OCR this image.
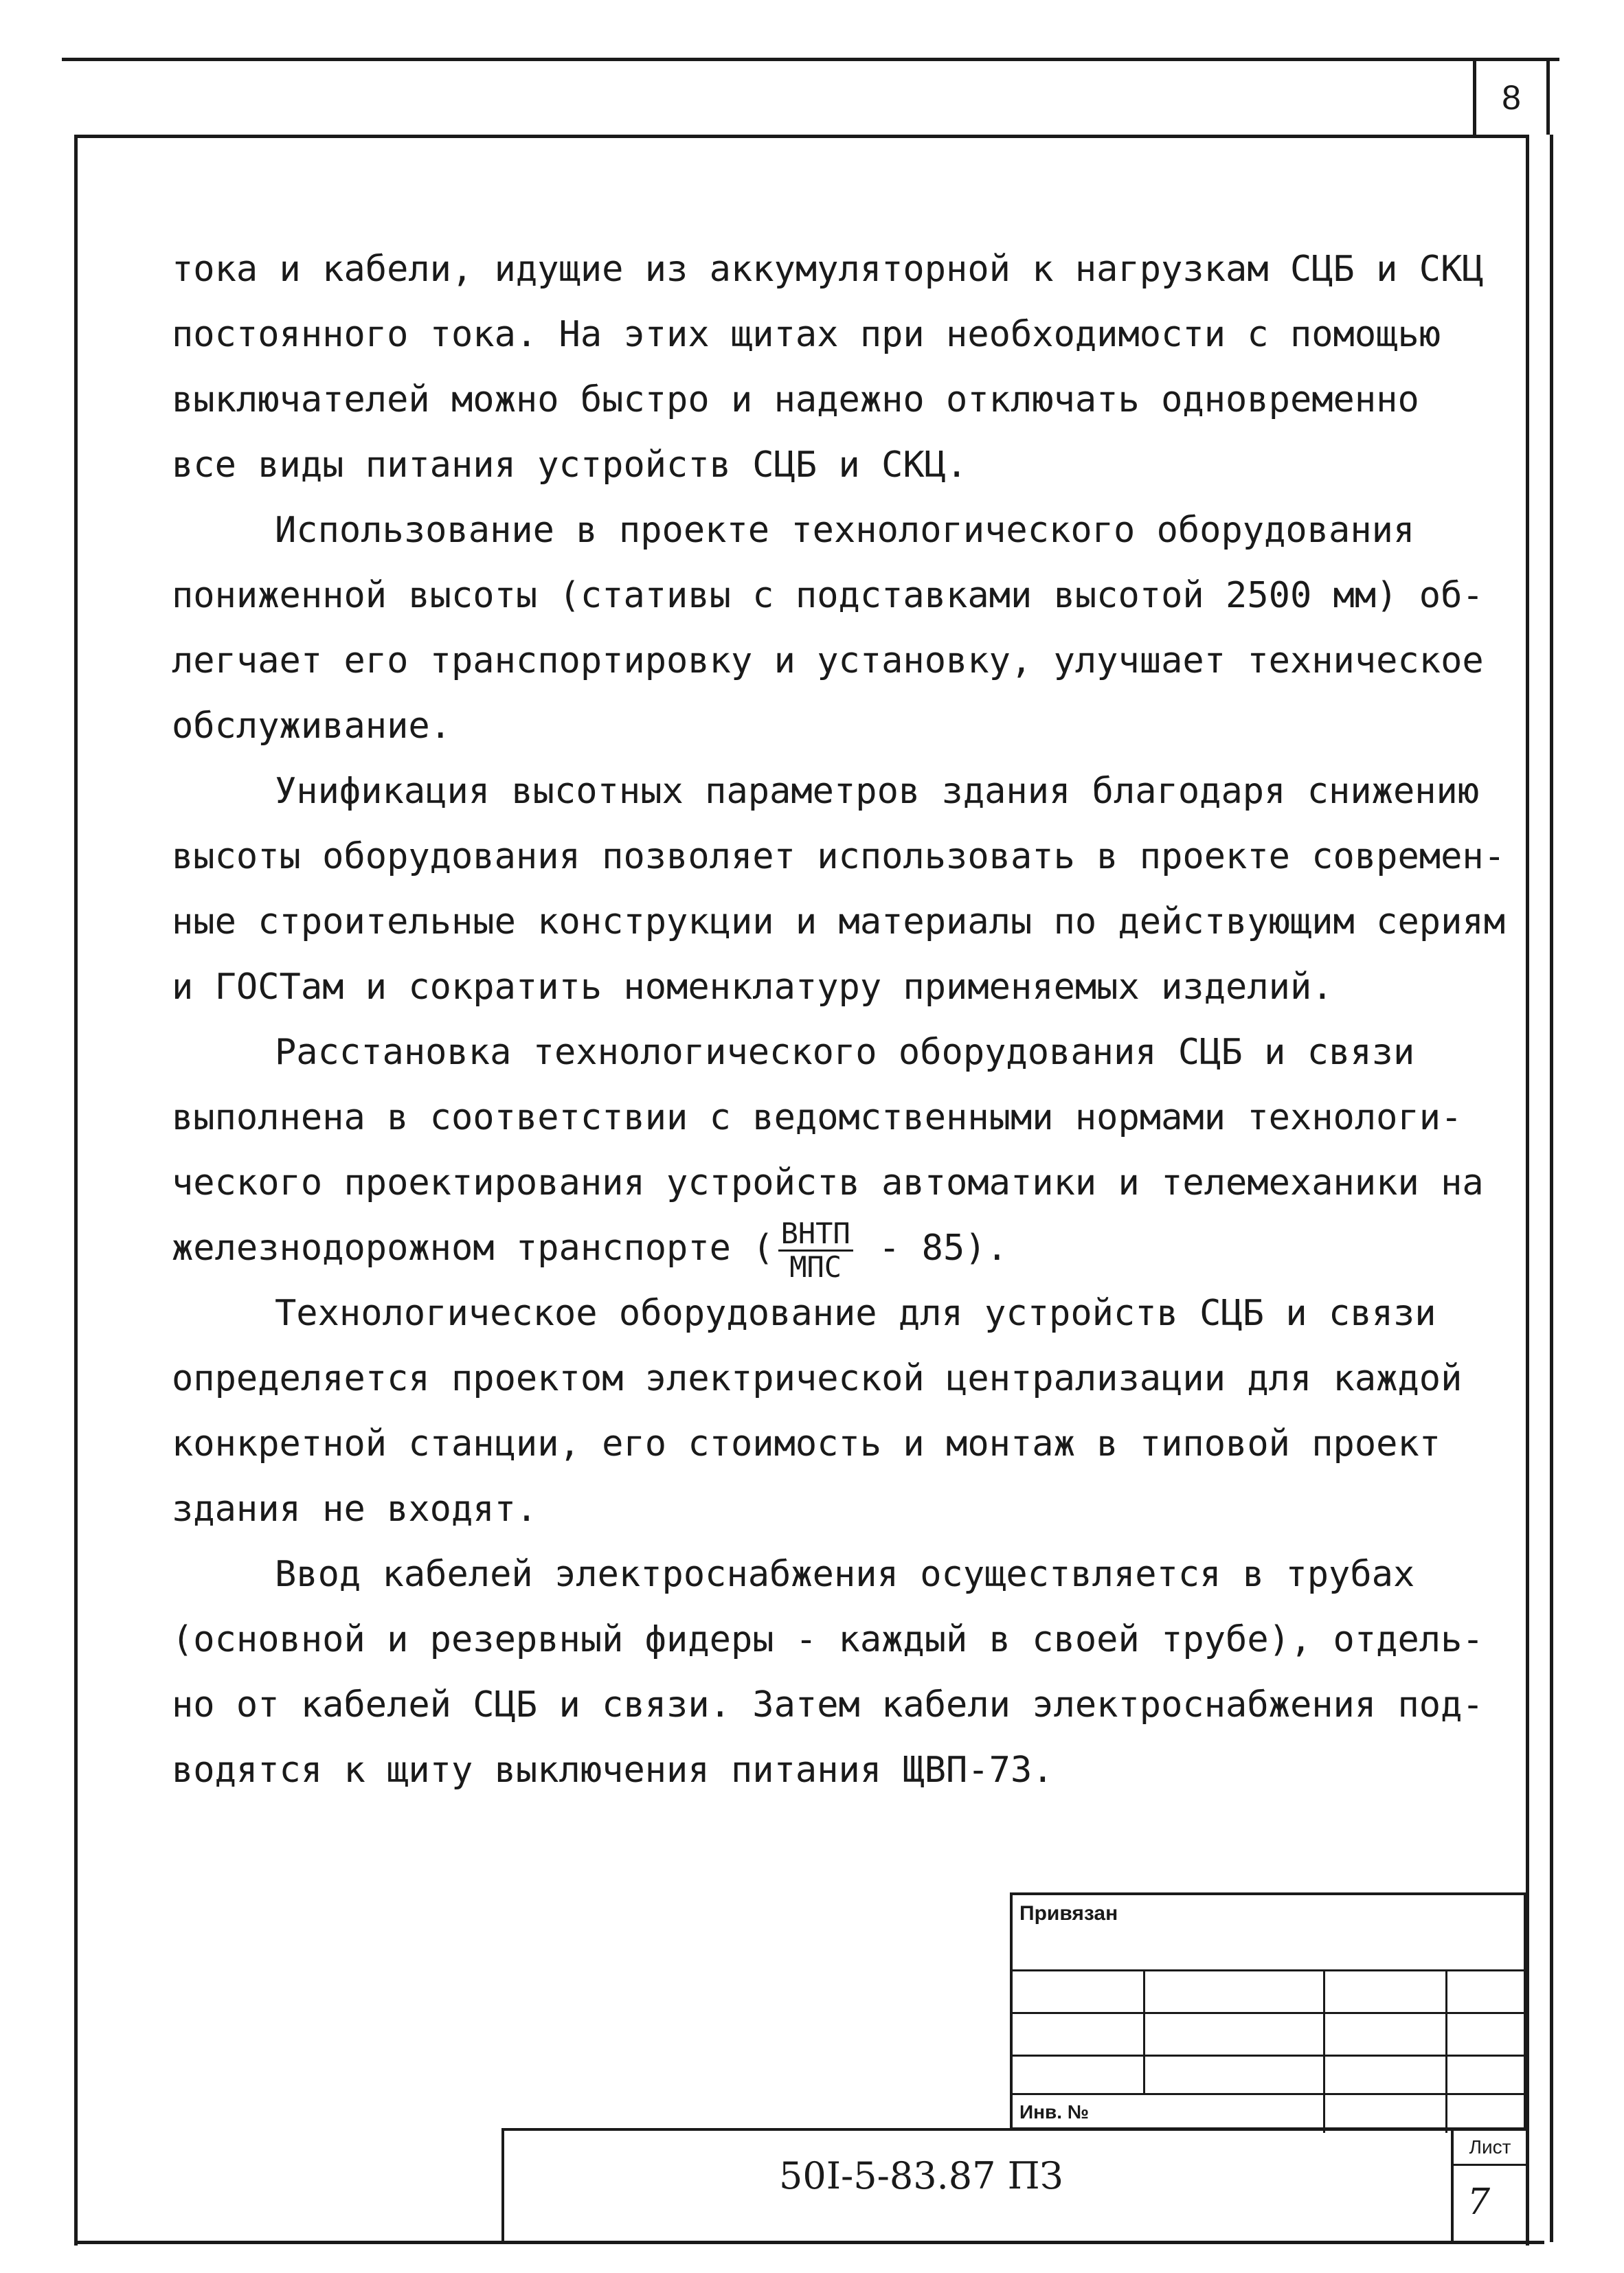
8
тока и кабели, идущие из аккумуляторной к нагрузкам СЦБ и СКЦ
постоянного тока. На этих щитах при необходимости с помощью
выключателей можно быстро и надежно отключать одновременно
все виды питания устройств СЦБ и СКЦ.
Использование в проекте технологического оборудования
пониженной высоты (стативы с подставками высотой 2500 мм) об-
легчает его транспортировку и установку, улучшает техническое
обслуживание.
Унификация высотных параметров здания благодаря снижению
высоты оборудования позволяет использовать в проекте современ-
ные строительные конструкции и материалы по действующим сериям
и ГОСТам и сократить номенклатуру применяемых изделий.
Расстановка технологического оборудования СЦБ и связи
выполнена в соответствии с ведомственными нормами технологи-
ческого проектирования устройств автоматики и телемеханики на
железнодорожном транспорте ( $\frac{\text{ВНТП}}{\text{МПС}} - 85$).
Технологическое оборудование для устройств СЦБ и связи
определяется проектом электрической централизации для каждой
конкретной станции, его стоимость и монтаж в типовой проект
здания не входят.
Ввод кабелей электроснабжения осуществляется в трубах
(основной и резервный фидеры - каждый в своей трубе), отдель-
но от кабелей СЦБ и связи. Затем кабели электроснабжения под-
водятся к щиту выключения питания ЩВП-73.
Привязан
Инв. №
50I-5-83.87 ПЗ
Лист
7
